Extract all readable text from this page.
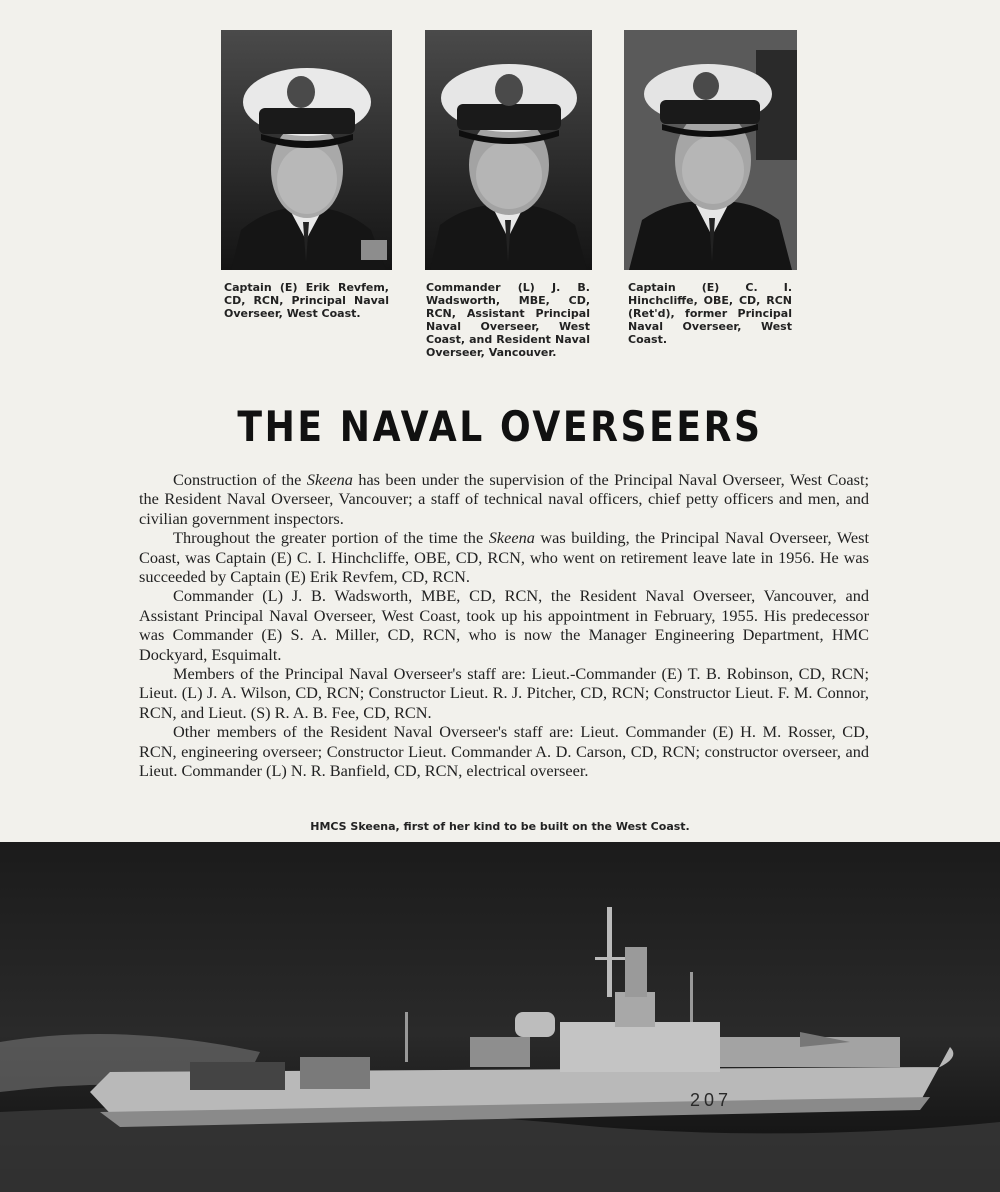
Captain (E) Erik Revfem, CD, RCN, Principal Naval Overseer, West Coast.
Commander (L) J. B. Wadsworth, MBE, CD, RCN, Assistant Principal Naval Overseer, West Coast, and Resident Naval Overseer, Vancouver.
Captain (E) C. I. Hinchcliffe, OBE, CD, RCN (Ret'd), former Principal Naval Overseer, West Coast.
THE NAVAL OVERSEERS

Construction of the Skeena has been under the supervision of the Principal Naval Overseer, West Coast; the Resident Naval Overseer, Vancouver; a staff of technical naval officers, chief petty officers and men, and civilian government inspectors.

Throughout the greater portion of the time the Skeena was building, the Principal Naval Overseer, West Coast, was Captain (E) C. I. Hinchcliffe, OBE, CD, RCN, who went on retirement leave late in 1956. He was succeeded by Captain (E) Erik Revfem, CD, RCN.

Commander (L) J. B. Wadsworth, MBE, CD, RCN, the Resident Naval Overseer, Vancouver, and Assistant Principal Naval Overseer, West Coast, took up his appointment in February, 1955. His predecessor was Commander (E) S. A. Miller, CD, RCN, who is now the Manager Engineering Department, HMC Dockyard, Esquimalt.

Members of the Principal Naval Overseer's staff are: Lieut.-Commander (E) T. B. Robinson, CD, RCN; Lieut. (L) J. A. Wilson, CD, RCN; Constructor Lieut. R. J. Pitcher, CD, RCN; Constructor Lieut. F. M. Connor, RCN, and Lieut. (S) R. A. B. Fee, CD, RCN.

Other members of the Resident Naval Overseer's staff are: Lieut. Commander (E) H. M. Rosser, CD, RCN, engineering overseer; Constructor Lieut. Commander A. D. Carson, CD, RCN; constructor overseer, and Lieut. Commander (L) N. R. Banfield, CD, RCN, electrical overseer.

HMCS Skeena, first of her kind to be built on the West Coast.
207
